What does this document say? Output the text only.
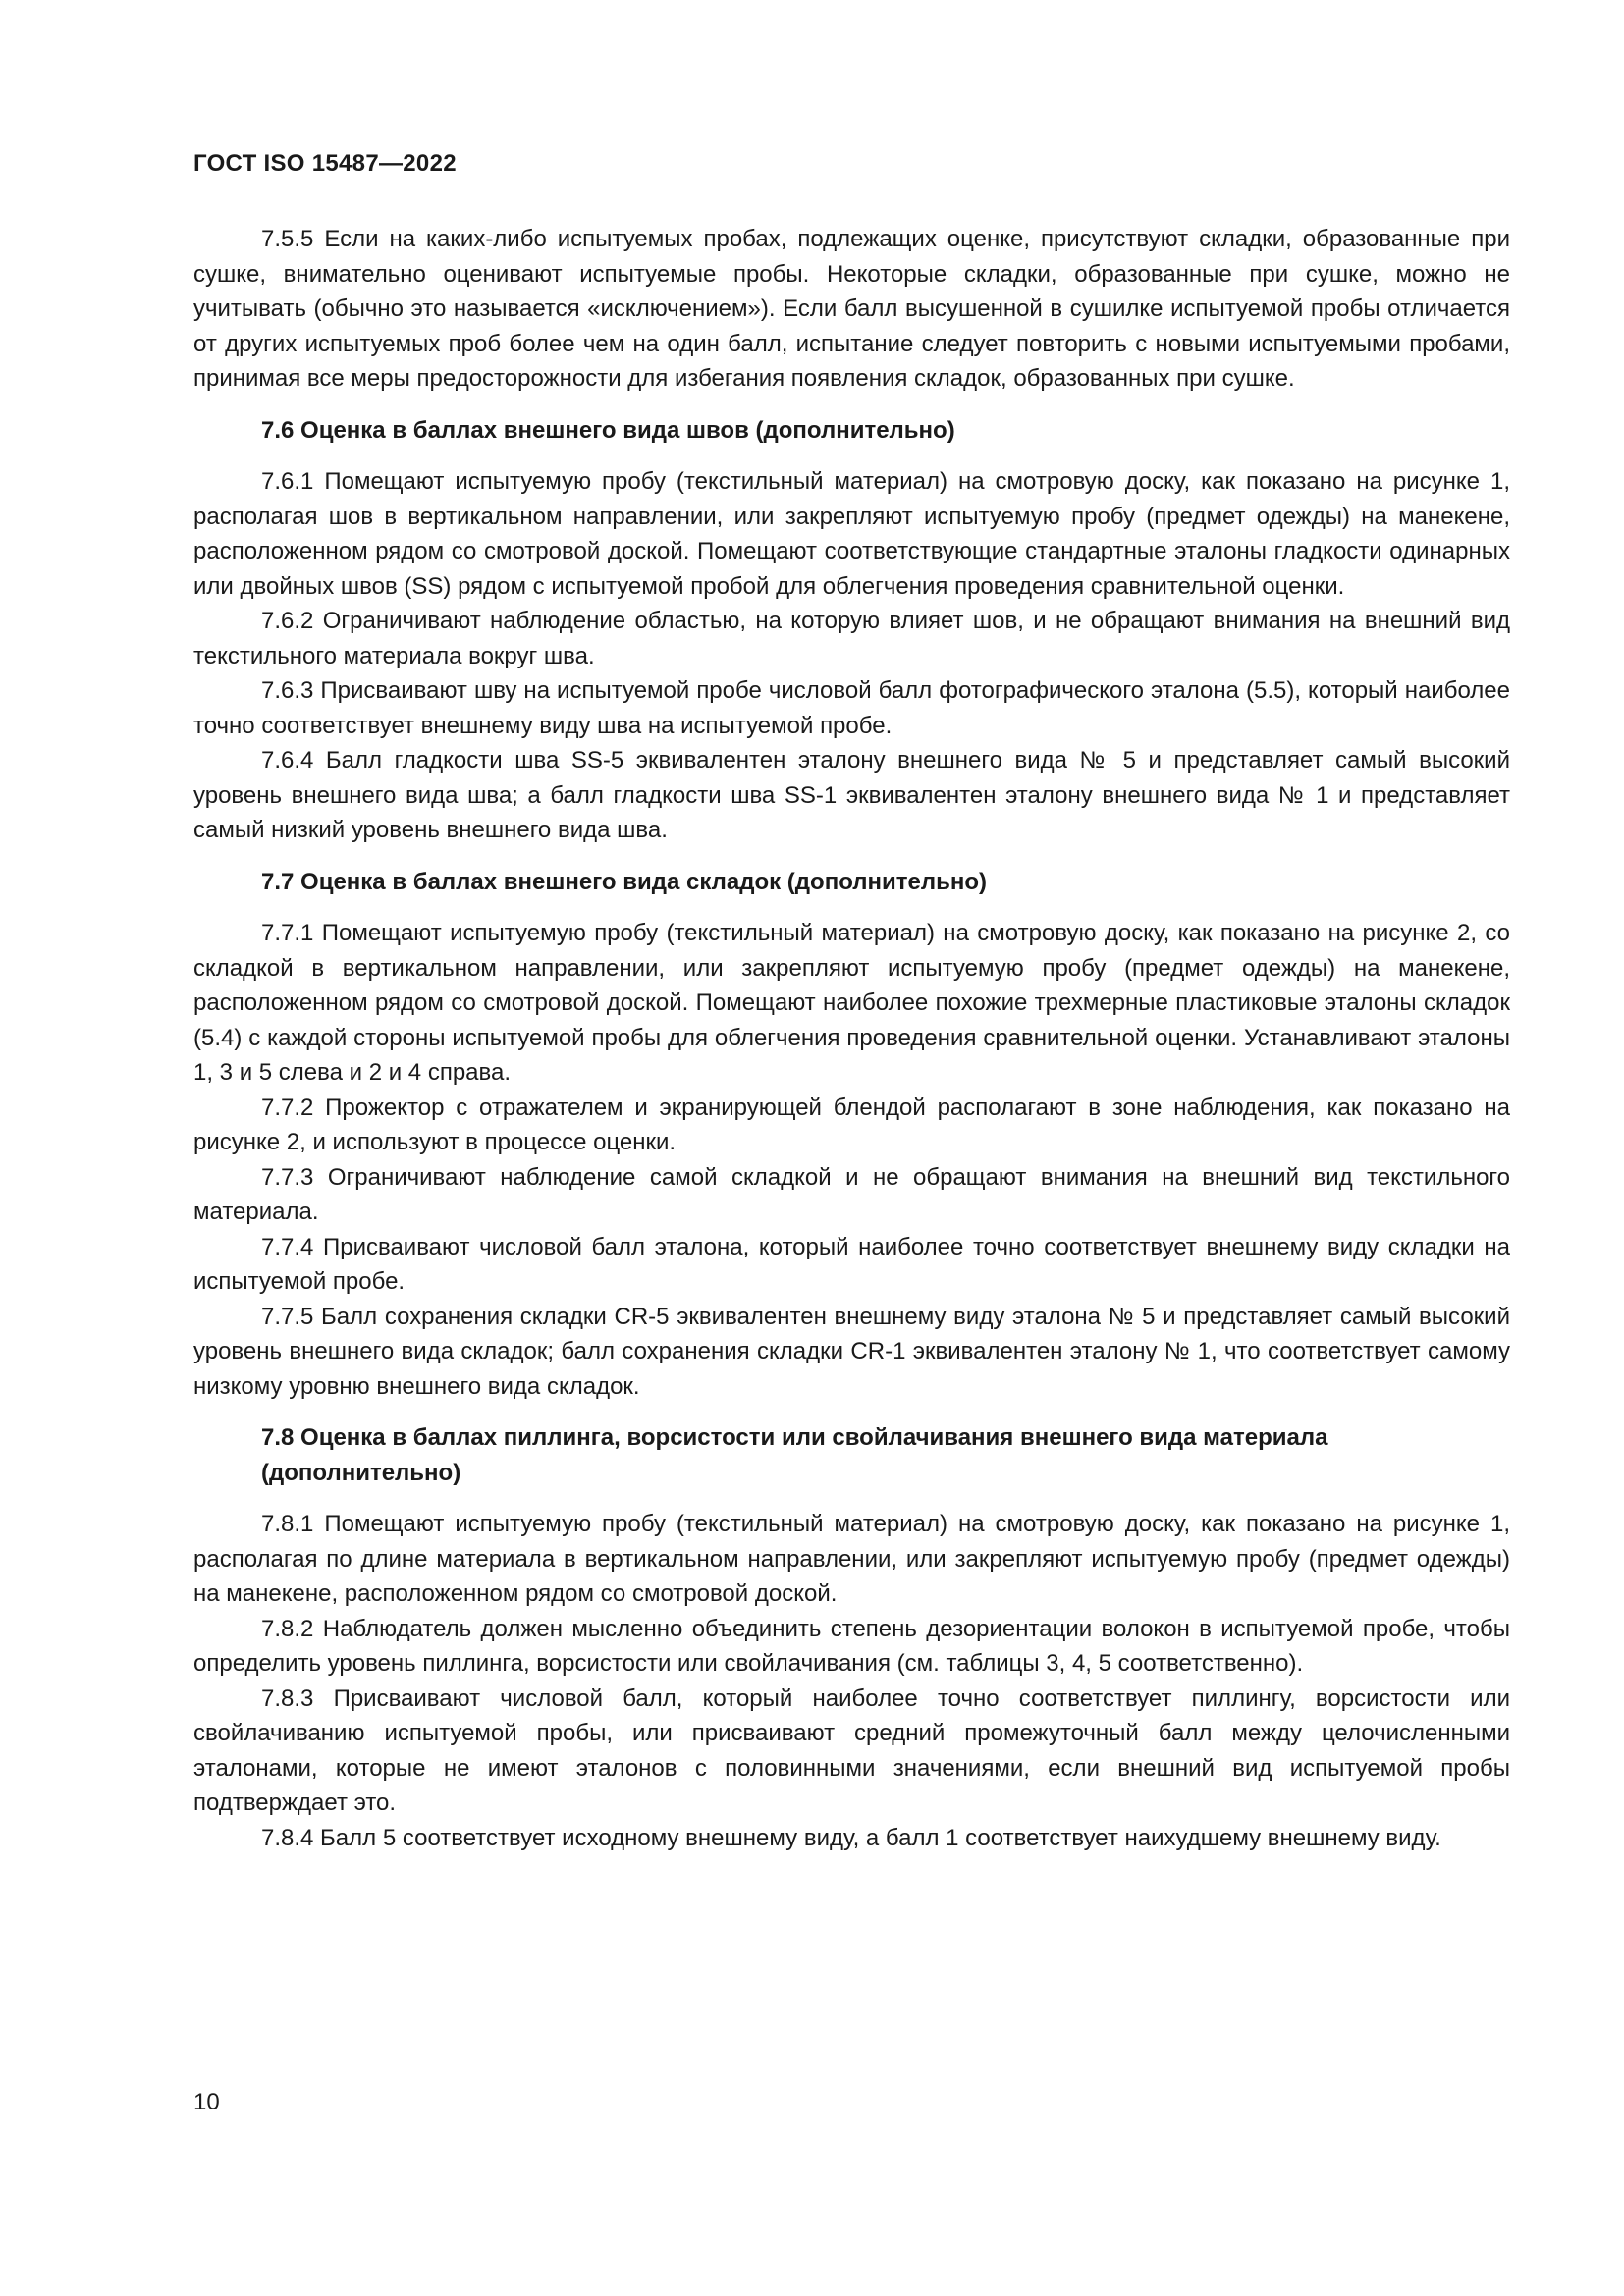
ГОСТ ISO 15487—2022

7.5.5 Если на каких-либо испытуемых пробах, подлежащих оценке, присутствуют складки, образованные при сушке, внимательно оценивают испытуемые пробы. Некоторые складки, образованные при сушке, можно не учитывать (обычно это называется «исключением»). Если балл высушенной в сушилке испытуемой пробы отличается от других испытуемых проб более чем на один балл, испытание следует повторить с новыми испытуемыми пробами, принимая все меры предосторожности для избегания появления складок, образованных при сушке.

7.6 Оценка в баллах внешнего вида швов (дополнительно)

7.6.1 Помещают испытуемую пробу (текстильный материал) на смотровую доску, как показано на рисунке 1, располагая шов в вертикальном направлении, или закрепляют испытуемую пробу (предмет одежды) на манекене, расположенном рядом со смотровой доской. Помещают соответствующие стандартные эталоны гладкости одинарных или двойных швов (SS) рядом с испытуемой пробой для облегчения проведения сравнительной оценки.

7.6.2 Ограничивают наблюдение областью, на которую влияет шов, и не обращают внимания на внешний вид текстильного материала вокруг шва.

7.6.3 Присваивают шву на испытуемой пробе числовой балл фотографического эталона (5.5), который наиболее точно соответствует внешнему виду шва на испытуемой пробе.

7.6.4 Балл гладкости шва SS-5 эквивалентен эталону внешнего вида № 5 и представляет самый высокий уровень внешнего вида шва; а балл гладкости шва SS-1 эквивалентен эталону внешнего вида № 1 и представляет самый низкий уровень внешнего вида шва.

7.7 Оценка в баллах внешнего вида складок (дополнительно)

7.7.1 Помещают испытуемую пробу (текстильный материал) на смотровую доску, как показано на рисунке 2, со складкой в вертикальном направлении, или закрепляют испытуемую пробу (предмет одежды) на манекене, расположенном рядом со смотровой доской. Помещают наиболее похожие трехмерные пластиковые эталоны складок (5.4) с каждой стороны испытуемой пробы для облегчения проведения сравнительной оценки. Устанавливают эталоны 1, 3 и 5 слева и 2 и 4 справа.

7.7.2 Прожектор с отражателем и экранирующей блендой располагают в зоне наблюдения, как показано на рисунке 2, и используют в процессе оценки.

7.7.3 Ограничивают наблюдение самой складкой и не обращают внимания на внешний вид текстильного материала.

7.7.4 Присваивают числовой балл эталона, который наиболее точно соответствует внешнему виду складки на испытуемой пробе.

7.7.5 Балл сохранения складки CR-5 эквивалентен внешнему виду эталона № 5 и представляет самый высокий уровень внешнего вида складок; балл сохранения складки CR-1 эквивалентен эталону № 1, что соответствует самому низкому уровню внешнего вида складок.

7.8 Оценка в баллах пиллинга, ворсистости или свойлачивания внешнего вида материала (дополнительно)

7.8.1 Помещают испытуемую пробу (текстильный материал) на смотровую доску, как показано на рисунке 1, располагая по длине материала в вертикальном направлении, или закрепляют испытуемую пробу (предмет одежды) на манекене, расположенном рядом со смотровой доской.

7.8.2 Наблюдатель должен мысленно объединить степень дезориентации волокон в испытуемой пробе, чтобы определить уровень пиллинга, ворсистости или свойлачивания (см. таблицы 3, 4, 5 соответственно).

7.8.3 Присваивают числовой балл, который наиболее точно соответствует пиллингу, ворсистости или свойлачиванию испытуемой пробы, или присваивают средний промежуточный балл между целочисленными эталонами, которые не имеют эталонов с половинными значениями, если внешний вид испытуемой пробы подтверждает это.

7.8.4 Балл 5 соответствует исходному внешнему виду, а балл 1 соответствует наихудшему внешнему виду.

10
